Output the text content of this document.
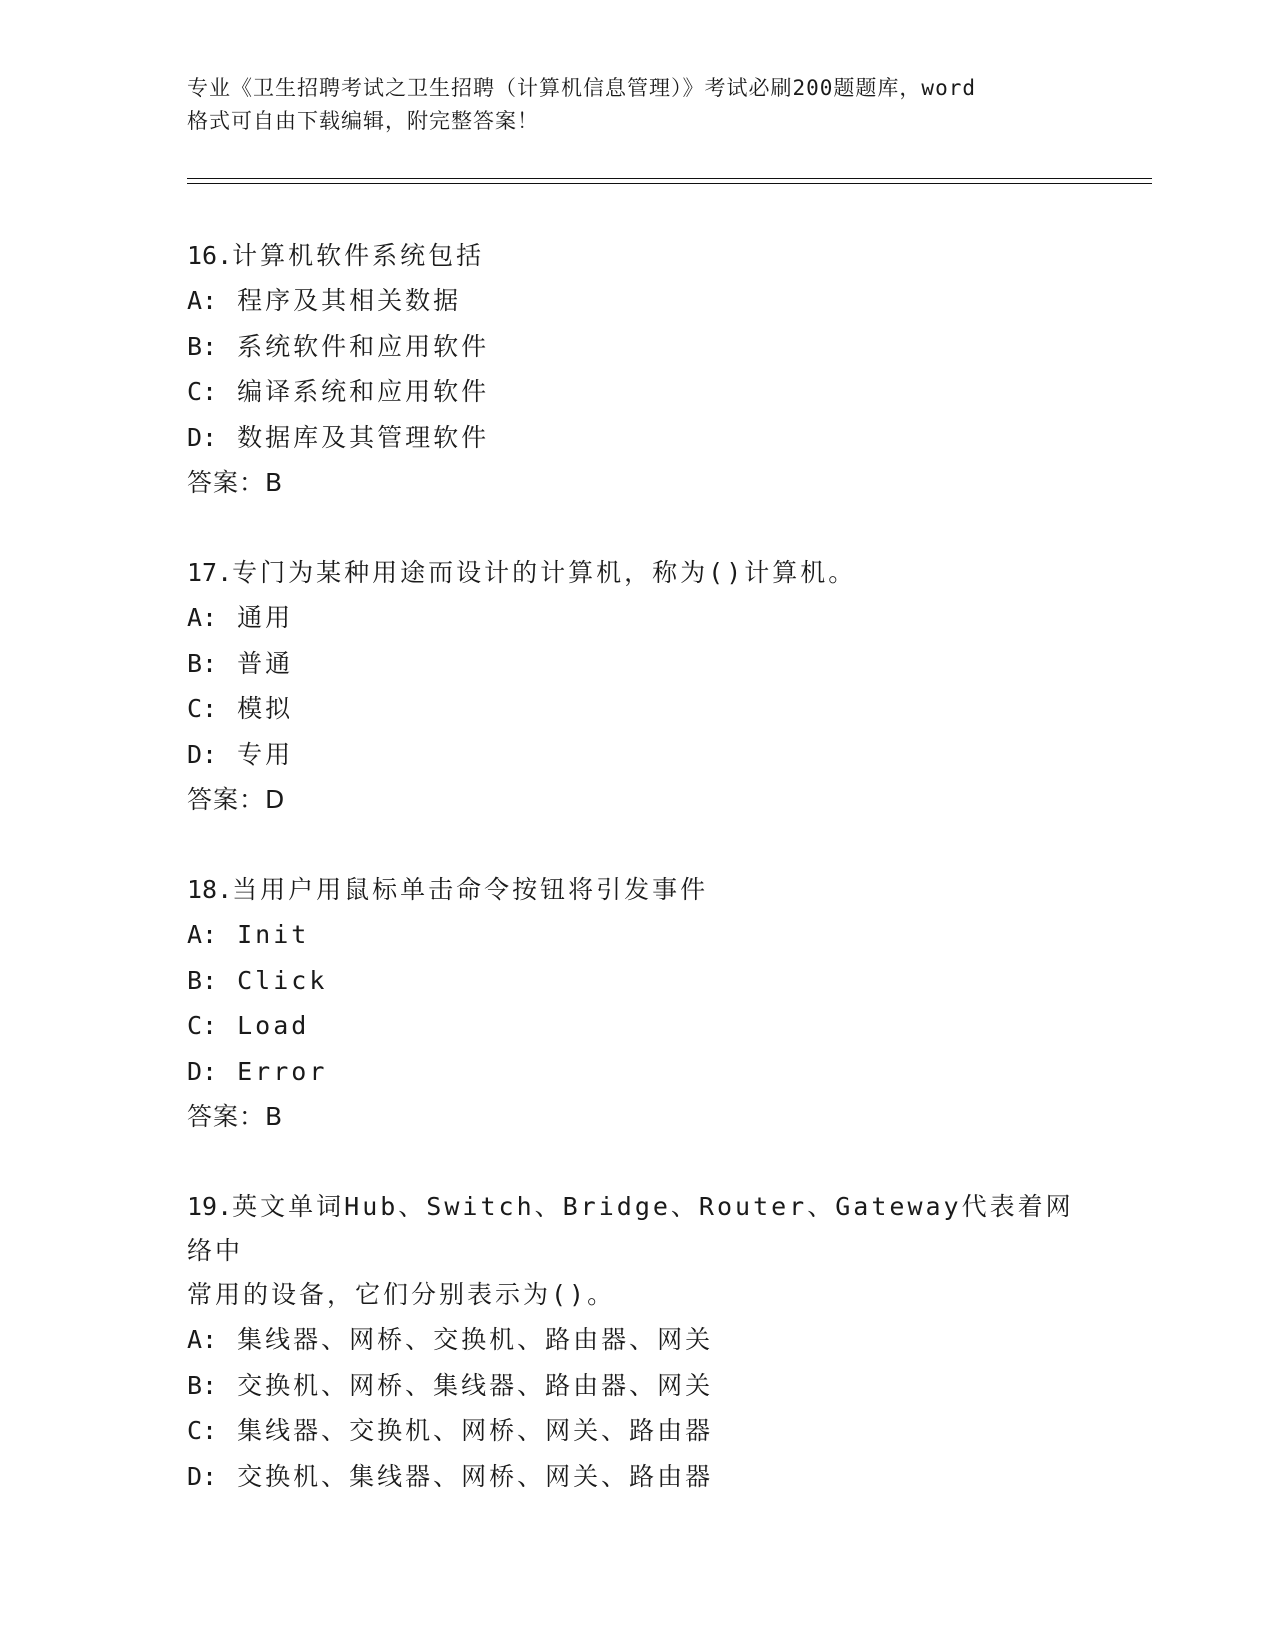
专业《卫生招聘考试之卫生招聘（计算机信息管理）》考试必刷200题题库，word
格式可自由下载编辑，附完整答案！
16.计算机软件系统包括
A: 程序及其相关数据
B: 系统软件和应用软件
C: 编译系统和应用软件
D: 数据库及其管理软件
答案：B
17.专门为某种用途而设计的计算机，称为()计算机。
A: 通用
B: 普通
C: 模拟
D: 专用
答案：D
18.当用户用鼠标单击命令按钮将引发事件
A: Init
B: Click
C: Load
D: Error
答案：B
19.英文单词Hub、Switch、Bridge、Router、Gateway代表着网络中
常用的设备，它们分别表示为()。
A: 集线器、网桥、交换机、路由器、网关
B: 交换机、网桥、集线器、路由器、网关
C: 集线器、交换机、网桥、网关、路由器
D: 交换机、集线器、网桥、网关、路由器
